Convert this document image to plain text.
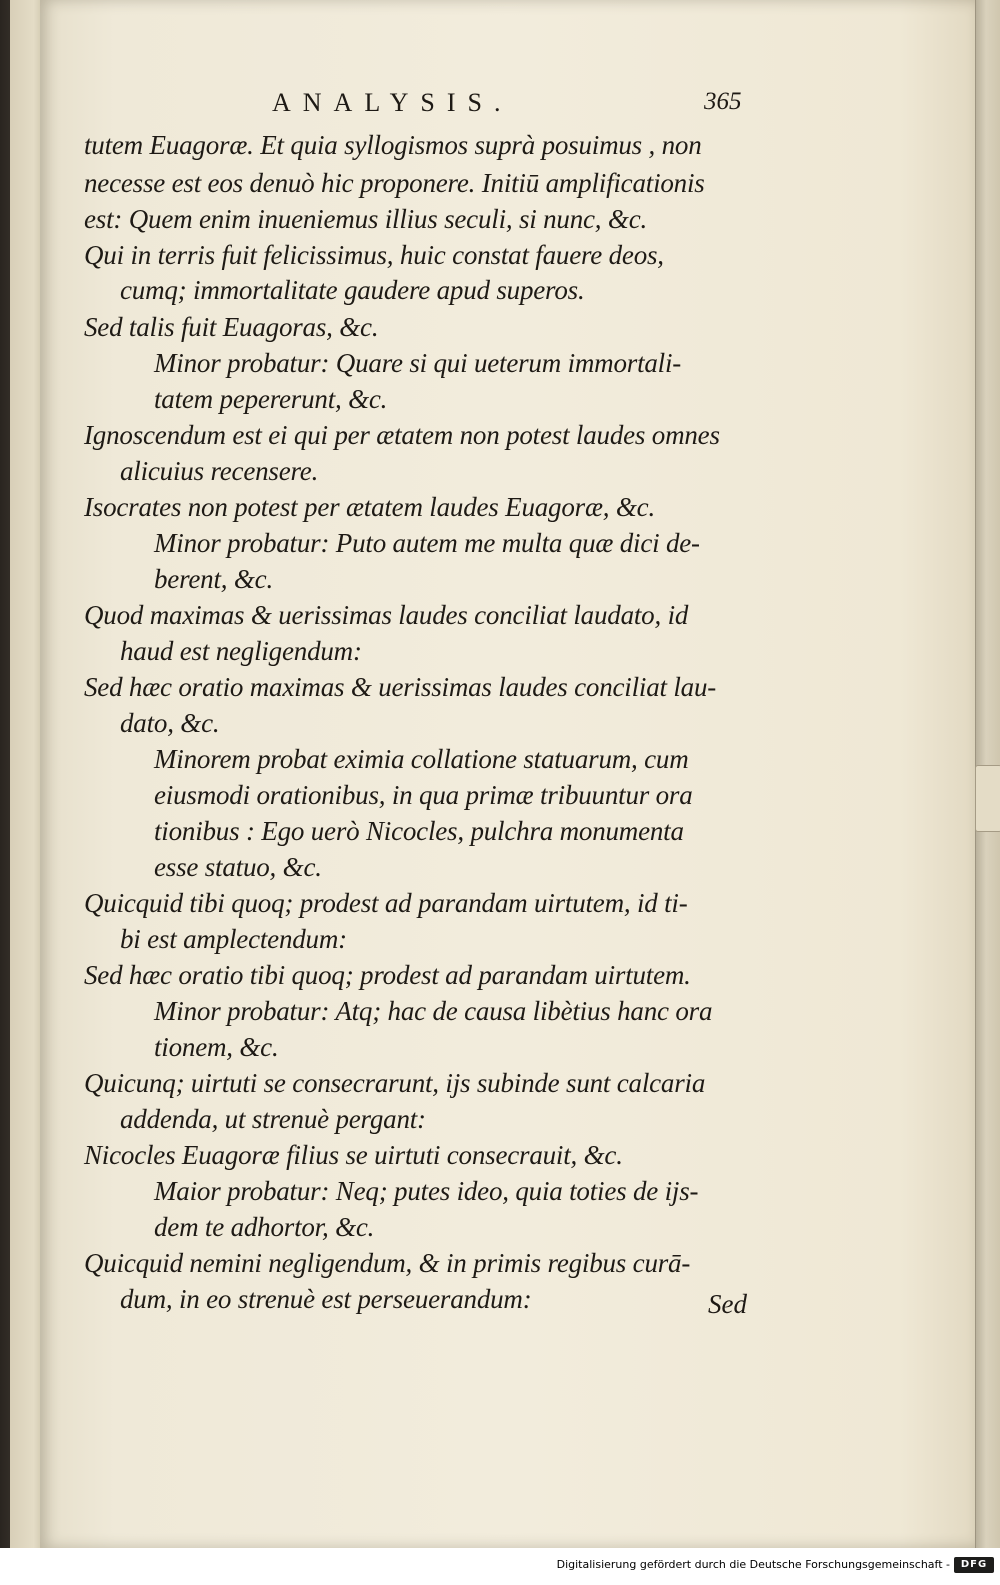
ANALYSIS.	365
tutem Euagoræ. Et quia syllogismos suprà posuimus , non
necesse est eos denuò hic proponere. Initiū amplificationis
est: Quem enim inueniemus illius seculi, si nunc, &c.
Qui in terris fuit felicissimus, huic constat fauere deos,
cumq; immortalitate gaudere apud superos.
Sed talis fuit Euagoras, &c.
Minor probatur: Quare si qui ueterum immortali-
tatem pepererunt, &c.
Ignoscendum est ei qui per ætatem non potest laudes omnes
alicuius recensere.
Isocrates non potest per ætatem laudes Euagoræ, &c.
Minor probatur: Puto autem me multa quæ dici de-
berent, &c.
Quod maximas & uerissimas laudes conciliat laudato, id
haud est negligendum:
Sed hæc oratio maximas & uerissimas laudes conciliat lau-
dato, &c.
Minorem probat eximia collatione statuarum, cum
eiusmodi orationibus, in qua primæ tribuuntur ora
tionibus : Ego uerò Nicocles, pulchra monumenta
esse statuo, &c.
Quicquid tibi quoq; prodest ad parandam uirtutem, id ti-
bi est amplectendum:
Sed hæc oratio tibi quoq; prodest ad parandam uirtutem.
Minor probatur: Atq; hac de causa libètius hanc ora
tionem, &c.
Quicunq; uirtuti se consecrarunt, ijs subinde sunt calcaria
addenda, ut strenuè pergant:
Nicocles Euagoræ filius se uirtuti consecrauit, &c.
Maior probatur: Neq; putes ideo, quia toties de ijs-
dem te adhortor, &c.
Quicquid nemini negligendum, & in primis regibus curā-
dum, in eo strenuè est perseuerandum:	Sed
Digitalisierung gefördert durch die Deutsche Forschungsgemeinschaft -	DFG
